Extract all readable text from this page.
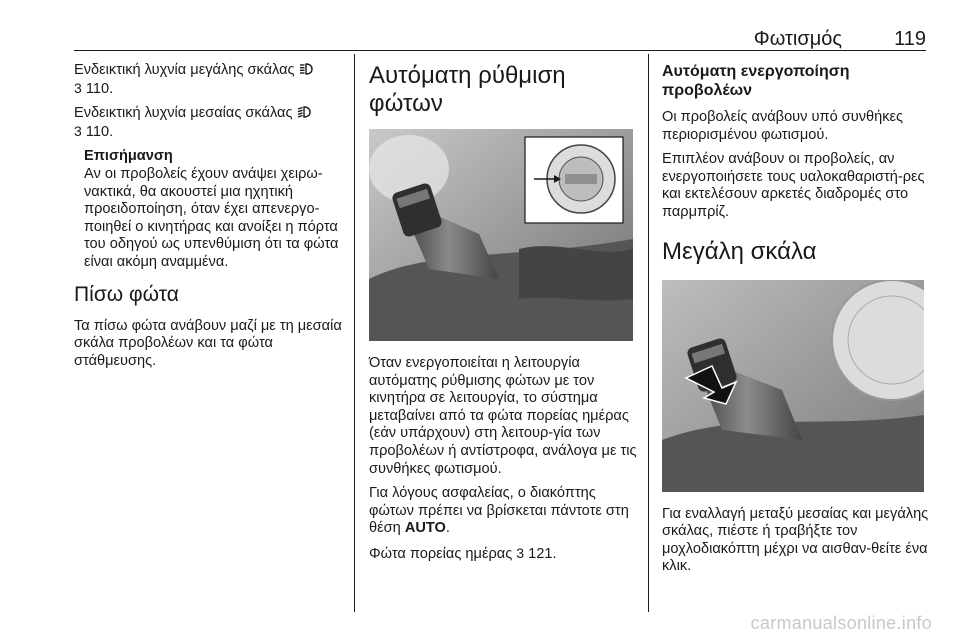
Φωτισμός	119

Ενδεικτική λυχνία μεγάλης σκάλας
3 110.

Ενδεικτική λυχνία μεσαίας σκάλας
3 110.

Επισήμανση
Αν οι προβολείς έχουν ανάψει χειρω-νακτικά, θα ακουστεί μια ηχητική προειδοποίηση, όταν έχει απενεργο-ποιηθεί ο κινητήρας και ανοίξει η πόρτα του οδηγού ως υπενθύμιση ότι τα φώτα είναι ακόμη αναμμένα.
Πίσω φώτα

Τα πίσω φώτα ανάβουν μαζί με τη μεσαία σκάλα προβολέων και τα φώτα στάθμευσης.

Αυτόματη ρύθμιση φώτων

Όταν ενεργοποιείται η λειτουργία αυτόματης ρύθμισης φώτων με τον κινητήρα σε λειτουργία, το σύστημα μεταβαίνει από τα φώτα πορείας ημέρας (εάν υπάρχουν) στη λειτουρ-γία των προβολέων ή αντίστροφα, ανάλογα με τις συνθήκες φωτισμού.

Για λόγους ασφαλείας, ο διακόπτης φώτων πρέπει να βρίσκεται πάντοτε στη θέση AUTO.

Φώτα πορείας ημέρας 3 121.

Αυτόματη ενεργοποίηση προβολέων

Οι προβολείς ανάβουν υπό συνθήκες περιορισμένου φωτισμού.

Επιπλέον ανάβουν οι προβολείς, αν ενεργοποιήσετε τους υαλοκαθαριστή-ρες και εκτελέσουν αρκετές διαδρομές στο παρμπρίζ.

Μεγάλη σκάλα

Για εναλλαγή μεταξύ μεσαίας και μεγάλης σκάλας, πιέστε ή τραβήξτε τον μοχλοδιακόπτη μέχρι να αισθαν-θείτε ένα κλικ.

carmanualsonline.info
